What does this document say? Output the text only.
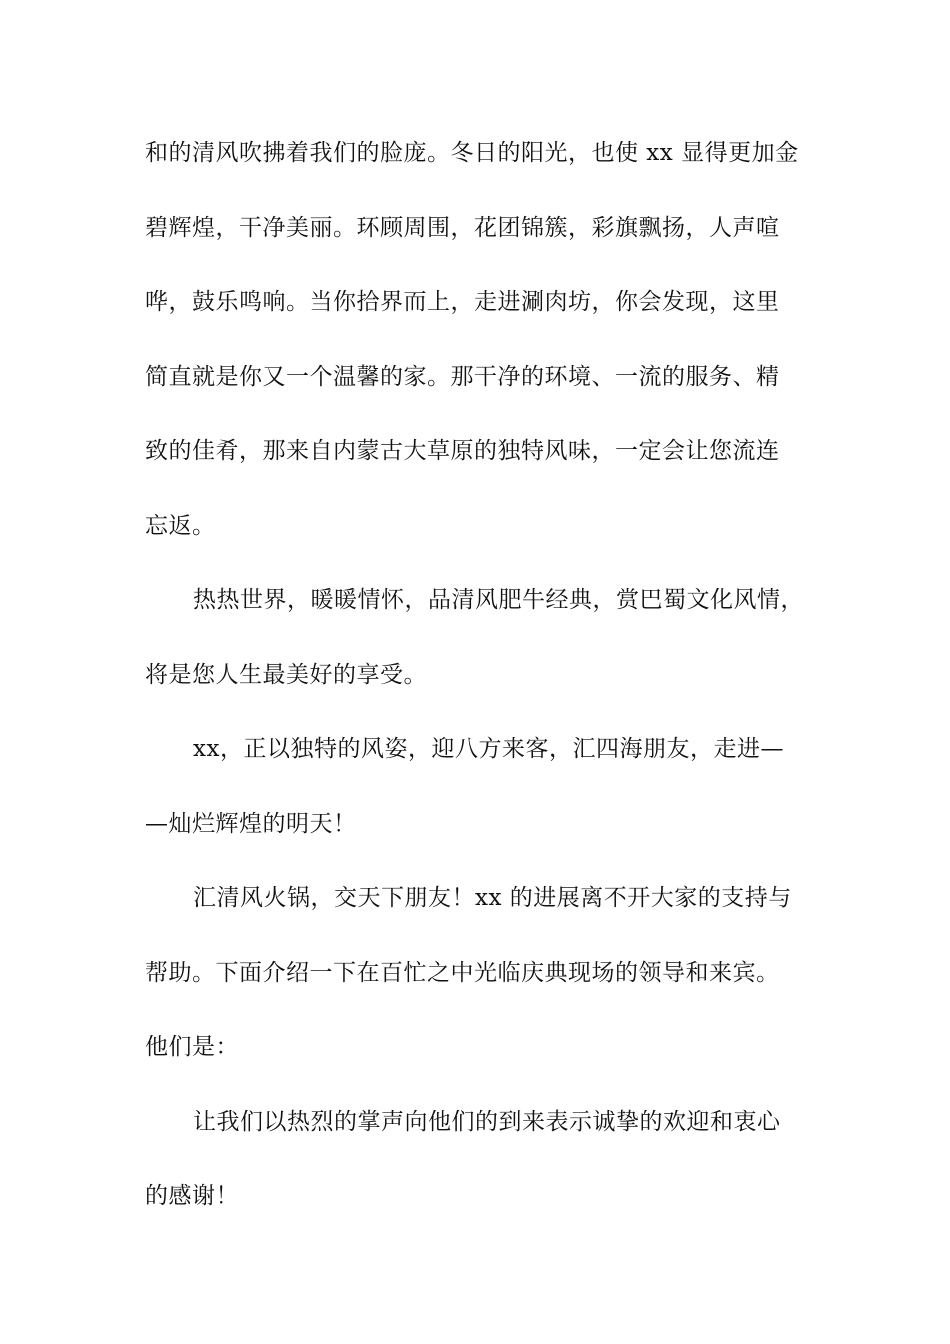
和的清风吹拂着我们的脸庞。冬日的阳光，也使 xx 显得更加金
碧辉煌，干净美丽。环顾周围，花团锦簇，彩旗飘扬，人声喧
哗，鼓乐鸣响。当你拾界而上，走进涮肉坊，你会发现，这里
简直就是你又一个温馨的家。那干净的环境、一流的服务、精
致的佳肴，那来自内蒙古大草原的独特风味，一定会让您流连
忘返。
热热世界，暖暖情怀，品清风肥牛经典，赏巴蜀文化风情，
将是您人生最美好的享受。
xx，正以独特的风姿，迎八方来客，汇四海朋友，走进—
—灿烂辉煌的明天！
汇清风火锅，交天下朋友！xx 的进展离不开大家的支持与
帮助。下面介绍一下在百忙之中光临庆典现场的领导和来宾。
他们是：
让我们以热烈的掌声向他们的到来表示诚挚的欢迎和衷心
的感谢！
